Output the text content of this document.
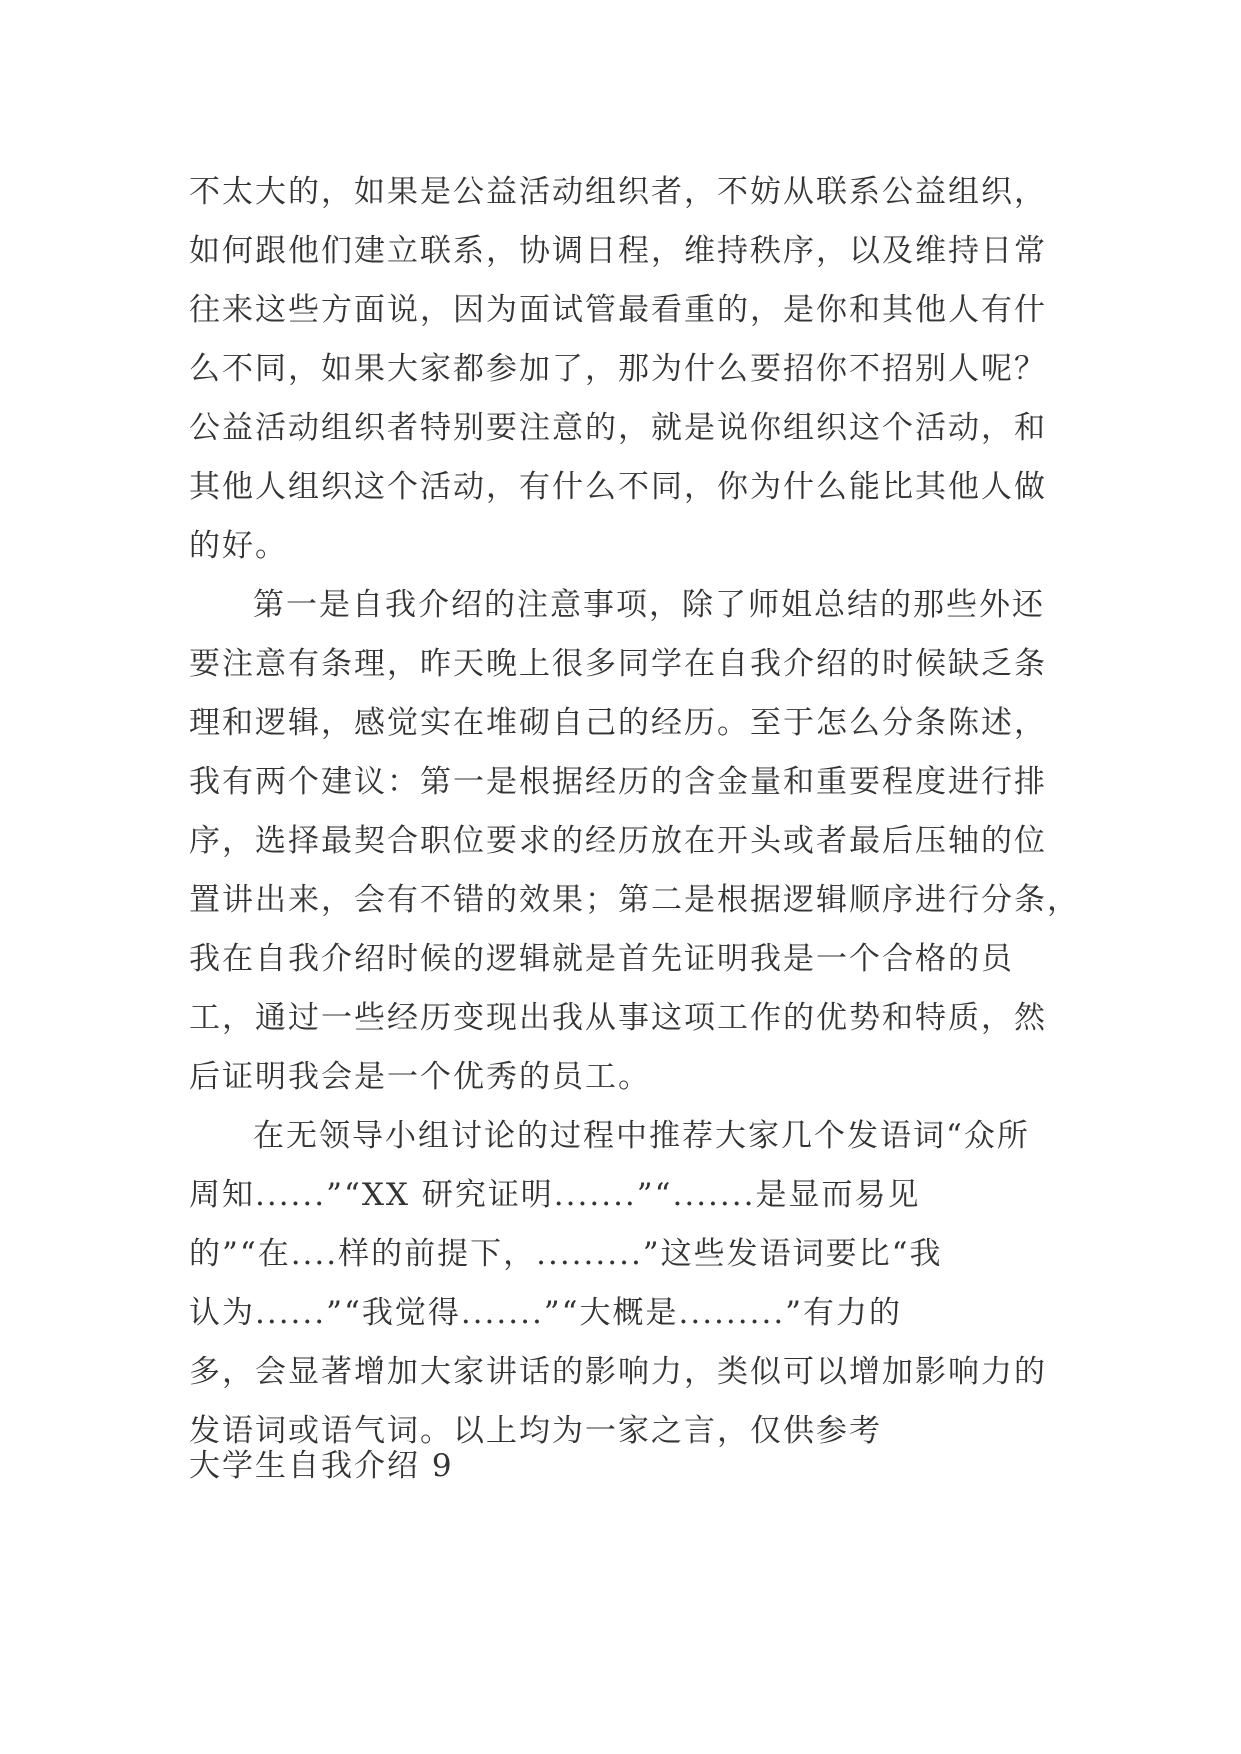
不太大的，如果是公益活动组织者，不妨从联系公益组织，
如何跟他们建立联系，协调日程，维持秩序，以及维持日常
往来这些方面说，因为面试管最看重的，是你和其他人有什
么不同，如果大家都参加了，那为什么要招你不招别人呢？
公益活动组织者特别要注意的，就是说你组织这个活动，和
其他人组织这个活动，有什么不同，你为什么能比其他人做
的好。

第一是自我介绍的注意事项，除了师姐总结的那些外还
要注意有条理，昨天晚上很多同学在自我介绍的时候缺乏条
理和逻辑，感觉实在堆砌自己的经历。至于怎么分条陈述，
我有两个建议：第一是根据经历的含金量和重要程度进行排
序，选择最契合职位要求的经历放在开头或者最后压轴的位
置讲出来，会有不错的效果；第二是根据逻辑顺序进行分条，
我在自我介绍时候的逻辑就是首先证明我是一个合格的员
工，通过一些经历变现出我从事这项工作的优势和特质，然
后证明我会是一个优秀的员工。

在无领导小组讨论的过程中推荐大家几个发语词“众所
周知......”“XX 研究证明.......”“.......是显而易见
的”“在....样的前提下，.........”这些发语词要比“我
认为......”“我觉得.......”“大概是.........”有力的
多，会显著增加大家讲话的影响力，类似可以增加影响力的
发语词或语气词。以上均为一家之言，仅供参考

大学生自我介绍 9
